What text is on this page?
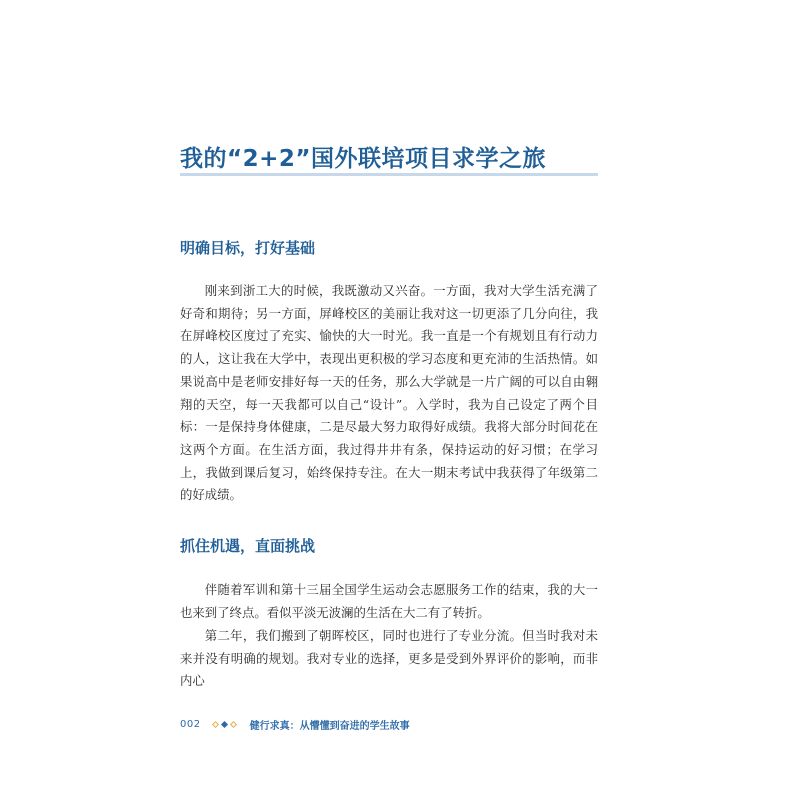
我的“2+2”国外联培项目求学之旅
明确目标，打好基础

刚来到浙工大的时候，我既激动又兴奋。一方面，我对大学生活充满了好奇和期待；另一方面，屏峰校区的美丽让我对这一切更添了几分向往，我在屏峰校区度过了充实、愉快的大一时光。我一直是一个有规划且有行动力的人，这让我在大学中，表现出更积极的学习态度和更充沛的生活热情。如果说高中是老师安排好每一天的任务，那么大学就是一片广阔的可以自由翱翔的天空，每一天我都可以自己“设计”。入学时，我为自己设定了两个目标：一是保持身体健康，二是尽最大努力取得好成绩。我将大部分时间花在这两个方面。在生活方面，我过得井井有条，保持运动的好习惯；在学习上，我做到课后复习，始终保持专注。在大一期末考试中我获得了年级第二的好成绩。

抓住机遇，直面挑战

伴随着军训和第十三届全国学生运动会志愿服务工作的结束，我的大一也来到了终点。看似平淡无波澜的生活在大二有了转折。

第二年，我们搬到了朝晖校区，同时也进行了专业分流。但当时我对未来并没有明确的规划。我对专业的选择，更多是受到外界评价的影响，而非内心

002	健行求真：从懵懂到奋进的学生故事
